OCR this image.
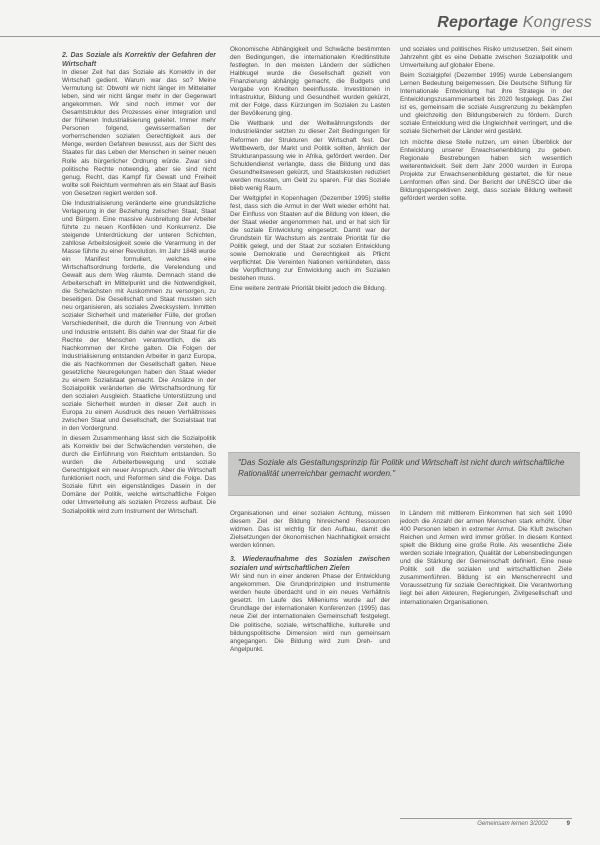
Reportage Kongress
2. Das Soziale als Korrektiv der Gefahren der Wirtschaft

In dieser Zeit hat das Soziale als Korrektiv in der Wirtschaft gedient. Warum war das so? Meine Vermutung ist: Obwohl wir nicht länger im Mittelalter leben, sind wir nicht länger mehr in der Gegenwart angekommen. Wir sind noch immer vor der Gesamtstruktur des Prozesses einer Integration und der früheren Industrialisierung geleitet. Immer mehr Personen folgend, gewissermaßen der vorherrschenden sozialen Gerechtigkeit aus der Menge, werden Gefahren bewusst, aus der Sicht des Staates für das Leben der Menschen in seiner neuen Rolle als bürgerlicher Ordnung würde. Zwar sind politische Rechte notwendig, aber sie sind nicht genug. Recht, das Kampf für Gewalt und Freiheit wollte soll Reichtum vermehren als ein Staat auf Basis von Gesetzen regiert werden soll.

Die Industrialisierung veränderte eine grundsätzliche Verlagerung in der Beziehung zwischen Staat, Staat und Bürgern. Eine massive Ausbreitung der Arbeiter führte zu neuen Konflikten und Konkurrenz. Die steigende Unterdrückung der unteren Schichten, zahllose Arbeitslosigkeit sowie die Verarmung in der Masse führte zu einer Revolution. Im Jahr 1848 wurde ein Manifest formuliert, welches eine Wirtschaftsordnung forderte, die Verelendung und Gewalt aus dem Weg räumte. Demnach stand die Arbeiterschaft im Mittelpunkt und die Notwendigkeit, die Schwächsten mit Auskommen zu versorgen, zu beseitigen. Die Gesellschaft und Staat mussten sich neu organisieren, als soziales Zwecksystem. Inmitten sozialer Sicherheit und materieller Fülle, der großen Verschiedenheit, die durch die Trennung von Arbeit und Industrie entsteht. Bis dahin war der Staat für die Rechte der Menschen verantwortlich, die als Nachkommen der Kirche galten. Die Folgen der Industrialisierung entstanden Arbeiter in ganz Europa, die als Nachkommen der Gesellschaft galten. Neue gesetzliche Neuregelungen haben den Staat wieder zu einem Sozialstaat gemacht. Die Ansätze in der Sozialpolitik veränderten die Wirtschaftsordnung für den sozialen Ausgleich. Staatliche Unterstützung und soziale Sicherheit wurden in dieser Zeit auch in Europa zu einem Ausdruck des neuen Verhältnisses zwischen Staat und Gesellschaft, der Sozialstaat trat in den Vordergrund.

In diesem Zusammenhang lässt sich die Sozialpolitik als Korrektiv bei der Schwächenden verstehen, die durch die Einführung von Reichtum entstanden. So wurden die Arbeiterbewegung und soziale Gerechtigkeit ein neuer Anspruch. Aber die Wirtschaft funktioniert noch, und Reformen sind die Folge. Das Soziale führt ein eigenständiges Dasein in der Domäne der Politik, welche wirtschaftliche Folgen oder Umverteilung als sozialen Prozess aufbaut. Die Sozialpolitik wird zum Instrument der Wirtschaft.

Ökonomische Abhängigkeit und Schwäche bestimmten den Bedingungen, die internationalen Kreditinstitute festlegten. In den meisten Ländern der südlichen Halbkugel wurde die Gesellschaft gezielt von Finanzierung abhängig gemacht, die Budgets und Vergabe von Krediten beeinflusste. Investitionen in Infrastruktur, Bildung und Gesundheit wurden gekürzt, mit der Folge, dass Kürzungen im Sozialen zu Lasten der Bevölkerung ging.

Die Weltbank und der Weltwährungsfonds der Industrieländer setzten zu dieser Zeit Bedingungen für Reformen der Strukturen der Wirtschaft fest. Der Wettbewerb, der Markt und Politik sollten, ähnlich der Strukturanpassung wie in Afrika, gefördert werden. Der Schuldendienst verlangte, dass die Bildung und das Gesundheitswesen gekürzt, und Staatskosten reduziert werden mussten, um Geld zu sparen. Für das Soziale blieb wenig Raum.

Der Weltgipfel in Kopenhagen (Dezember 1995) stellte fest, dass sich die Armut in der Welt wieder erhöht hat. Der Einfluss von Staaten auf die Bildung von Ideen, die der Staat wieder angenommen hat, und er hat sich für die soziale Entwicklung eingesetzt. Damit war der Grundstein für Wachstum als zentrale Priorität für die Politik gelegt, und der Staat zur sozialen Entwicklung sowie Demokratie und Gerechtigkeit als Pflicht verpflichtet. Die Vereinten Nationen verkündeten, dass die Verpflichtung zur Entwicklung auch im Sozialen bestehen muss.

Eine weitere zentrale Priorität bleibt jedoch die Bildung.

und soziales und politisches Risiko umzusetzen. Seit einem Jahrzehnt gibt es eine Debatte zwischen Sozialpolitik und Umverteilung auf globaler Ebene.

Beim Sozialgipfel (Dezember 1995) wurde Lebenslangem Lernen Bedeutung beigemessen. Die Deutsche Stiftung für Internationale Entwicklung hat ihre Strategie in der Entwicklungszusammenarbeit bis 2020 festgelegt. Das Ziel ist es, gemeinsam die soziale Ausgrenzung zu bekämpfen und gleichzeitig den Bildungsbereich zu fördern. Durch soziale Entwicklung wird die Ungleichheit verringert, und die soziale Sicherheit der Länder wird gestärkt.

Ich möchte diese Stelle nutzen, um einen Überblick der Entwicklung unserer Erwachsenenbildung zu geben. Regionale Bestrebungen haben sich wesentlich weiterentwickelt. Seit dem Jahr 2000 wurden in Europa Projekte zur Erwachsenenbildung gestartet, die für neue Lernformen offen sind. Der Bericht der UNESCO über die Bildungsperspektiven zeigt, dass soziale Bildung weltweit gefördert werden sollte.

"Das Soziale als Gestaltungsprinzip für Politik und Wirtschaft ist nicht durch wirtschaftliche Rationalität unerreichbar gemacht worden."

Organisationen und einer sozialen Achtung, müssen diesem Ziel der Bildung hinreichend Ressourcen widmen. Das ist wichtig für den Aufbau, damit die Zielsetzungen der ökonomischen Nachhaltigkeit erreicht werden können.

3. Wiederaufnahme des Sozialen zwischen sozialen und wirtschaftlichen Zielen

Wir sind nun in einer anderen Phase der Entwicklung angekommen. Die Grundprinzipien und Instrumente werden heute überdacht und in ein neues Verhältnis gesetzt. Im Laufe des Milleniums wurde auf der Grundlage der internationalen Konferenzen (1995) das neue Ziel der internationalen Gemeinschaft festgelegt. Die politische, soziale, wirtschaftliche, kulturelle und bildungspolitische Dimension wird nun gemeinsam angegangen. Die Bildung wird zum Dreh- und Angelpunkt.

In Ländern mit mittlerem Einkommen hat sich seit 1990 jedoch die Anzahl der armen Menschen stark erhöht. Über 400 Personen leben in extremer Armut. Die Kluft zwischen Reichen und Armen wird immer größer. In diesem Kontext spielt die Bildung eine große Rolle. Als wesentliche Ziele werden soziale Integration, Qualität der Lebensbedingungen und die Stärkung der Gemeinschaft definiert. Eine neue Politik soll die sozialen und wirtschaftlichen Ziele zusammenführen. Bildung ist ein Menschenrecht und Voraussetzung für soziale Gerechtigkeit. Die Verantwortung liegt bei allen Akteuren, Regierungen, Zivilgesellschaft und internationalen Organisationen.

Gemeinsam lernen 3/2002	9
